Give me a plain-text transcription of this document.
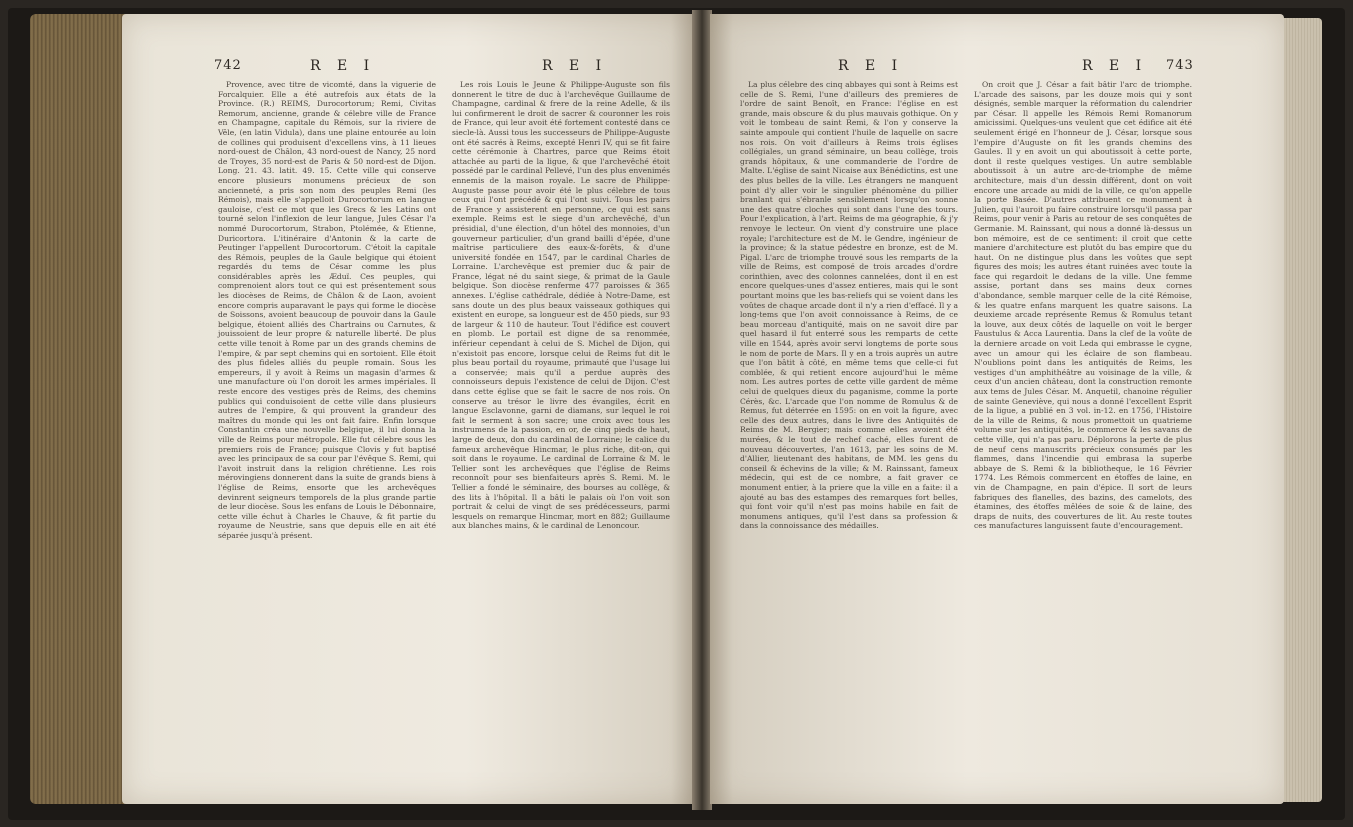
742	R E I	R E I

Provence, avec titre de vicomté, dans la viguerie de Forcalquier. Elle a été autrefois aux états de la Province. (R.) REIMS, Durocortorum; Remi, Civitas Remorum, ancienne, grande & célebre ville de France en Champagne, capitale du Rémois, sur la riviere de Vêle, (en latin Vidula), dans une plaine entourée au loin de collines qui produisent d'excellens vins, à 11 lieues nord-ouest de Châlon, 43 nord-ouest de Nancy, 25 nord de Troyes, 35 nord-est de Paris & 50 nord-est de Dijon. Long. 21. 43. latit. 49. 15. Cette ville qui conserve encore plusieurs monumens précieux de son ancienneté, a pris son nom des peuples Remi (les Rémois), mais elle s'appelloit Durocortorum en langue gauloise, c'est ce mot que les Grecs & les Latins ont tourné selon l'inflexion de leur langue, Jules César l'a nommé Durocortorum, Strabon, Ptolémée, & Etienne, Duricortora. L'itinéraire d'Antonin & la carte de Peutinger l'appellent Durocortorum. C'étoit la capitale des Rémois, peuples de la Gaule belgique qui étoient regardés du tems de César comme les plus considérables après les Æduï. Ces peuples, qui comprenoient alors tout ce qui est présentement sous les diocèses de Reims, de Châlon & de Laon, avoient encore compris auparavant le pays qui forme le diocèse de Soissons, avoient beaucoup de pouvoir dans la Gaule belgique, étoient alliés des Chartrains ou Carnutes, & jouissoient de leur propre & naturelle liberté. De plus cette ville tenoit à Rome par un des grands chemins de l'empire, & par sept chemins qui en sortoient. Elle étoit des plus fideles alliés du peuple romain. Sous les empereurs, il y avoit à Reims un magasin d'armes & une manufacture où l'on doroit les armes impériales. Il reste encore des vestiges près de Reims, des chemins publics qui conduisoient de cette ville dans plusieurs autres de l'empire, & qui prouvent la grandeur des maîtres du monde qui les ont fait faire. Enfin lorsque Constantin créa une nouvelle belgique, il lui donna la ville de Reims pour métropole. Elle fut célebre sous les premiers rois de France; puisque Clovis y fut baptisé avec les principaux de sa cour par l'évêque S. Remi, qui l'avoit instruit dans la religion chrétienne. Les rois mérovingiens donnerent dans la suite de grands biens à l'église de Reims, ensorte que les archevêques devinrent seigneurs temporels de la plus grande partie de leur diocèse. Sous les enfans de Louis le Débonnaire, cette ville échut à Charles le Chauve, & fit partie du royaume de Neustrie, sans que depuis elle en ait été séparée jusqu'à présent.

Les rois Louis le Jeune & Philippe-Auguste son fils donnerent le titre de duc à l'archevêque Guillaume de Champagne, cardinal & frere de la reine Adelle, & ils lui confirmerent le droit de sacrer & couronner les rois de France, qui leur avoit été fortement contesté dans ce siecle-là. Aussi tous les successeurs de Philippe-Auguste ont été sacrés à Reims, excepté Henri IV, qui se fit faire cette cérémonie à Chartres, parce que Reims étoit attachée au parti de la ligue, & que l'archevêché étoit possédé par le cardinal Pellevé, l'un des plus envenimés ennemis de la maison royale. Le sacre de Philippe-Auguste passe pour avoir été le plus célebre de tous ceux qui l'ont précédé & qui l'ont suivi. Tous les pairs de France y assisterent en personne, ce qui est sans exemple. Reims est le siege d'un archevêché, d'un présidial, d'une élection, d'un hôtel des monnoies, d'un gouverneur particulier, d'un grand bailli d'épée, d'une maîtrise particuliere des eaux-&-forêts, & d'une université fondée en 1547, par le cardinal Charles de Lorraine. L'archevêque est premier duc & pair de France, légat né du saint siege, & primat de la Gaule belgique. Son diocèse renferme 477 paroisses & 365 annexes. L'église cathédrale, dédiée à Notre-Dame, est sans doute un des plus beaux vaisseaux gothiques qui existent en europe, sa longueur est de 450 pieds, sur 93 de largeur & 110 de hauteur. Tout l'édifice est couvert en plomb. Le portail est digne de sa renommée, inférieur cependant à celui de S. Michel de Dijon, qui n'existoit pas encore, lorsque celui de Reims fut dit le plus beau portail du royaume, primauté que l'usage lui a conservée; mais qu'il a perdue auprès des connoisseurs depuis l'existence de celui de Dijon. C'est dans cette église que se fait le sacre de nos rois. On conserve au trésor le livre des évangiles, écrit en langue Esclavonne, garni de diamans, sur lequel le roi fait le serment à son sacre; une croix avec tous les instrumens de la passion, en or, de cinq pieds de haut, large de deux, don du cardinal de Lorraine; le calice du fameux archevêque Hincmar, le plus riche, dit-on, qui soit dans le royaume. Le cardinal de Lorraine & M. le Tellier sont les archevêques que l'église de Reims reconnoît pour ses bienfaiteurs après S. Remi. M. le Tellier a fondé le séminaire, des bourses au collège, & des lits à l'hôpital. Il a bâti le palais où l'on voit son portrait & celui de vingt de ses prédécesseurs, parmi lesquels on remarque Hincmar, mort en 882; Guillaume aux blanches mains, & le cardinal de Lenoncour.

R E I	R E I 743

La plus célebre des cinq abbayes qui sont à Reims est celle de S. Remi, l'une d'ailleurs des premieres de l'ordre de saint Benoît, en France: l'église en est grande, mais obscure & du plus mauvais gothique. On y voit le tombeau de saint Remi, & l'on y conserve la sainte ampoule qui contient l'huile de laquelle on sacre nos rois. On voit d'ailleurs à Reims trois églises collégiales, un grand séminaire, un beau collège, trois grands hôpitaux, & une commanderie de l'ordre de Malte. L'église de saint Nicaise aux Bénédictins, est une des plus belles de la ville. Les étrangers ne manquent point d'y aller voir le singulier phénomène du pillier branlant qui s'ébranle sensiblement lorsqu'on sonne une des quatre cloches qui sont dans l'une des tours. Pour l'explication, à l'art. Reims de ma géographie, & j'y renvoye le lecteur. On vient d'y construire une place royale; l'architecture est de M. le Gendre, ingénieur de la province; & la statue pédestre en bronze, est de M. Pigal. L'arc de triomphe trouvé sous les remparts de la ville de Reims, est composé de trois arcades d'ordre corinthien, avec des colonnes cannelées, dont il en est encore quelques-unes d'assez entieres, mais qui le sont pourtant moins que les bas-reliefs qui se voient dans les voûtes de chaque arcade dont il n'y a rien d'effacé. Il y a long-tems que l'on avoit connoissance à Reims, de ce beau morceau d'antiquité, mais on ne savoit dire par quel hasard il fut enterré sous les remparts de cette ville en 1544, après avoir servi longtems de porte sous le nom de porte de Mars. Il y en a trois auprès un autre que l'on bâtit à côté, en même tems que celle-ci fut comblée, & qui retient encore aujourd'hui le même nom. Les autres portes de cette ville gardent de même celui de quelques dieux du paganisme, comme la porte Cérès, &c. L'arcade que l'on nomme de Romulus & de Remus, fut déterrée en 1595: on en voit la figure, avec celle des deux autres, dans le livre des Antiquités de Reims de M. Bergier; mais comme elles avoient été murées, & le tout de rechef caché, elles furent de nouveau découvertes, l'an 1613, par les soins de M. d'Allier, lieutenant des habitans, de MM. les gens du conseil & échevins de la ville; & M. Rainssant, fameux médecin, qui est de ce nombre, a fait graver ce monument entier, à la priere que la ville en a faite: il a ajouté au bas des estampes des remarques fort belles, qui font voir qu'il n'est pas moins habile en fait de monumens antiques, qu'il l'est dans sa profession & dans la connoissance des médailles.

On croit que J. César a fait bâtir l'arc de triomphe. L'arcade des saisons, par les douze mois qui y sont désignés, semble marquer la réformation du calendrier par César. Il appelle les Rémois Remi Romanorum amicissimi. Quelques-uns veulent que cet édifice ait été seulement érigé en l'honneur de J. César, lorsque sous l'empire d'Auguste on fit les grands chemins des Gaules. Il y en avoit un qui aboutissoit à cette porte, dont il reste quelques vestiges. Un autre semblable aboutissoit à un autre arc-de-triomphe de même architecture, mais d'un dessin différent, dont on voit encore une arcade au midi de la ville, ce qu'on appelle la porte Basée. D'autres attribuent ce monument à Julien, qui l'auroit pu faire construire lorsqu'il passa par Reims, pour venir à Paris au retour de ses conquêtes de Germanie. M. Rainssant, qui nous a donné là-dessus un bon mémoire, est de ce sentiment: il croit que cette maniere d'architecture est plutôt du bas empire que du haut. On ne distingue plus dans les voûtes que sept figures des mois; les autres étant ruinées avec toute la face qui regardoit le dedans de la ville. Une femme assise, portant dans ses mains deux cornes d'abondance, semble marquer celle de la cité Rémoise, & les quatre enfans marquent les quatre saisons. La deuxieme arcade représente Remus & Romulus tetant la louve, aux deux côtés de laquelle on voit le berger Faustulus & Acca Laurentia. Dans la clef de la voûte de la derniere arcade on voit Leda qui embrasse le cygne, avec un amour qui les éclaire de son flambeau. N'oublions point dans les antiquités de Reims, les vestiges d'un amphithéâtre au voisinage de la ville, & ceux d'un ancien château, dont la construction remonte aux tems de Jules César. M. Anquetil, chanoine régulier de sainte Geneviève, qui nous a donné l'excellent Esprit de la ligue, a publié en 3 vol. in-12. en 1756, l'Histoire de la ville de Reims, & nous promettoit un quatrieme volume sur les antiquités, le commerce & les savans de cette ville, qui n'a pas paru. Déplorons la perte de plus de neuf cens manuscrits précieux consumés par les flammes, dans l'incendie qui embrasa la superbe abbaye de S. Remi & la bibliotheque, le 16 Février 1774. Les Rémois commercent en étoffes de laine, en vin de Champagne, en pain d'épice. Il sort de leurs fabriques des flanelles, des bazins, des camelots, des étamines, des étoffes mêlées de soie & de laine, des draps de nuits, des couvertures de lit. Au reste toutes ces manufactures languissent faute d'encouragement.
